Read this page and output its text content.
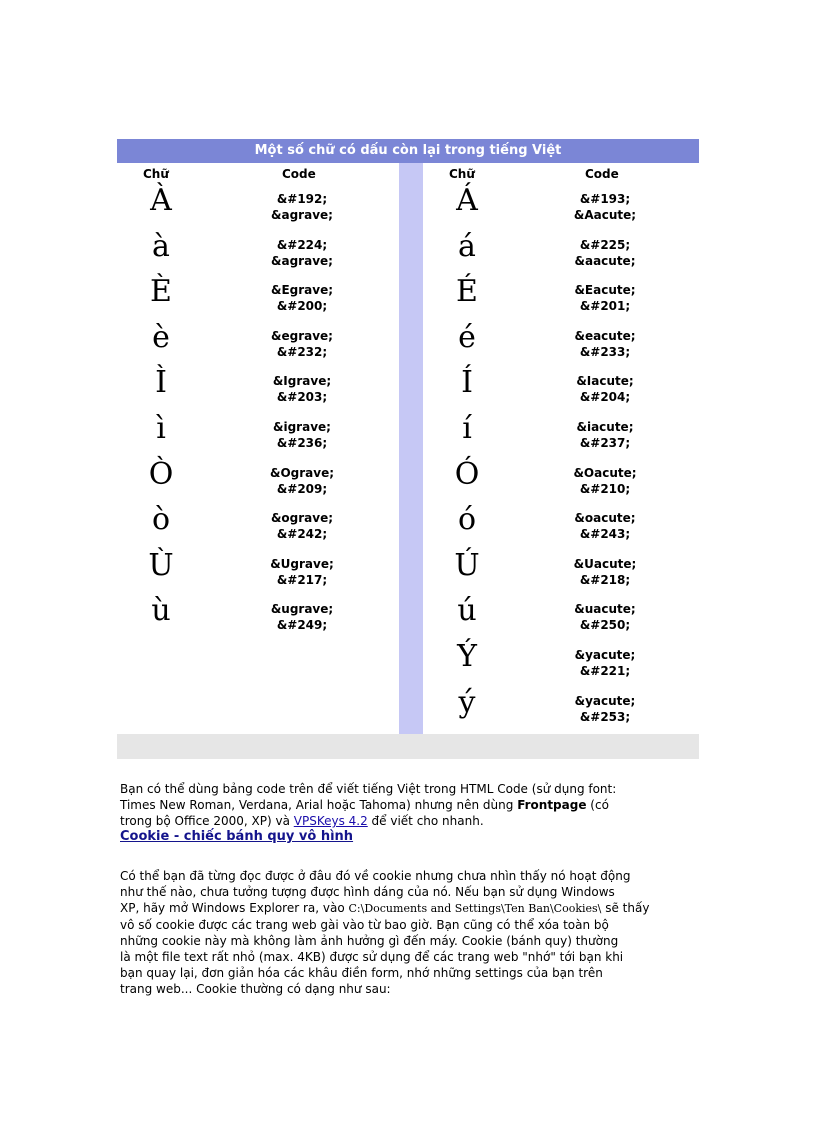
Một số chữ có dấu còn lại trong tiếng Việt
Chữ	Code
À	&#192;
&agrave;
à	&#224;
&agrave;
È	&Egrave;
&#200;
è	&egrave;
&#232;
Ì	&Igrave;
&#203;
ì	&igrave;
&#236;
Ò	&Ograve;
&#209;
ò	&ograve;
&#242;
Ù	&Ugrave;
&#217;
ù	&ugrave;
&#249;
Chữ	Code
Á	&#193;
&Aacute;
á	&#225;
&aacute;
É	&Eacute;
&#201;
é	&eacute;
&#233;
Í	&Iacute;
&#204;
í	&iacute;
&#237;
Ó	&Oacute;
&#210;
ó	&oacute;
&#243;
Ú	&Uacute;
&#218;
ú	&uacute;
&#250;
Ý	&yacute;
&#221;
ý	&yacute;
&#253;
Bạn có thể dùng bảng code trên để viết tiếng Việt trong HTML Code (sử dụng font:
Times New Roman, Verdana, Arial hoặc Tahoma) nhưng nên dùng Frontpage (có
trong bộ Office 2000, XP) và VPSKeys 4.2 để viết cho nhanh.
Cookie - chiếc bánh quy vô hình
Có thể bạn đã từng đọc được ở đâu đó về cookie nhưng chưa nhìn thấy nó hoạt động
như thế nào, chưa tưởng tượng được hình dáng của nó. Nếu bạn sử dụng Windows
XP, hãy mở Windows Explorer ra, vào C:\Documents and Settings\Ten Ban\Cookies\ sẽ thấy
vô số cookie được các trang web gài vào từ bao giờ. Bạn cũng có thể xóa toàn bộ
những cookie này mà không làm ảnh hưởng gì đến máy. Cookie (bánh quy) thường
là một file text rất nhỏ (max. 4KB) được sử dụng để các trang web "nhớ" tới bạn khi
bạn quay lại, đơn giản hóa các khâu điền form, nhớ những settings của bạn trên
trang web... Cookie thường có dạng như sau:
